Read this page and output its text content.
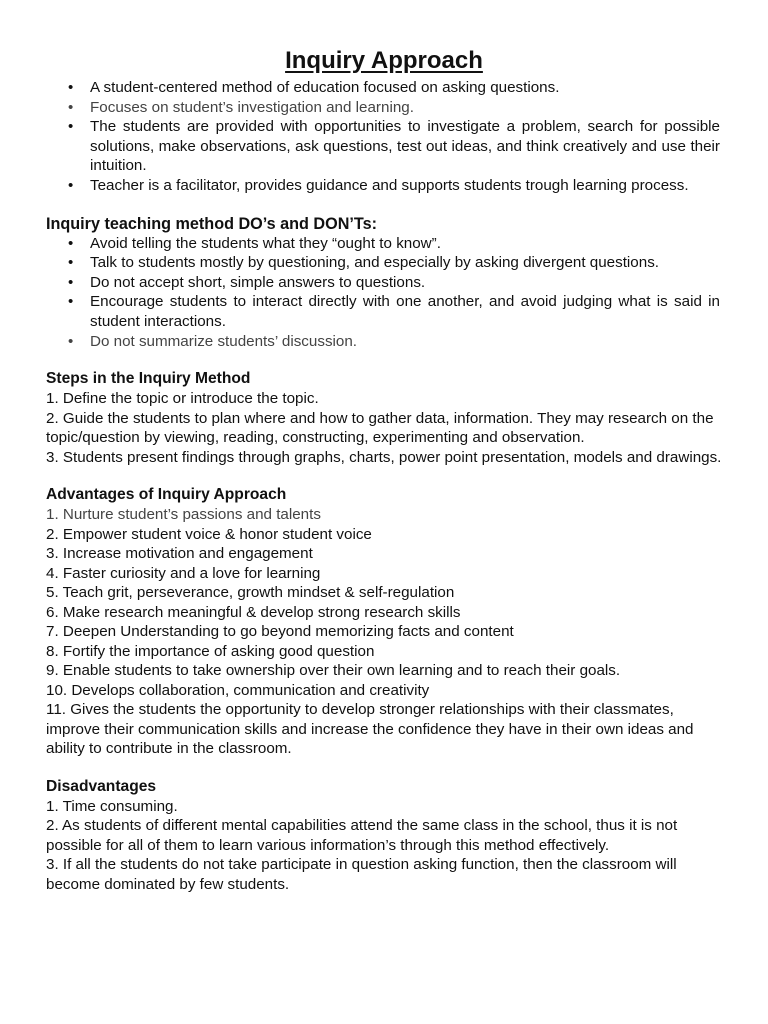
Inquiry Approach
• A student-centered method of education focused on asking questions.
• Focuses on student’s investigation and learning.
• The students are provided with opportunities to investigate a problem, search for possible solutions, make observations, ask questions, test out ideas, and think creatively and use their intuition.
• Teacher is a facilitator, provides guidance and supports students trough learning process.
Inquiry teaching method DO’s and DON’Ts:
• Avoid telling the students what they “ought to know”.
• Talk to students mostly by questioning, and especially by asking divergent questions.
• Do not accept short, simple answers to questions.
• Encourage students to interact directly with one another, and avoid judging what is said in student interactions.
• Do not summarize students’ discussion.
Steps in the Inquiry Method

1. Define the topic or introduce the topic.

2. Guide the students to plan where and how to gather data, information. They may research on the topic/question by viewing, reading, constructing, experimenting and observation.

3. Students present findings through graphs, charts, power point presentation, models and drawings.

Advantages of Inquiry Approach

1. Nurture student’s passions and talents

2. Empower student voice & honor student voice

3. Increase motivation and engagement

4. Faster curiosity and a love for learning

5. Teach grit, perseverance, growth mindset & self-regulation

6. Make research meaningful & develop strong research skills

7. Deepen Understanding to go beyond memorizing facts and content

8. Fortify the importance of asking good question

9. Enable students to take ownership over their own learning and to reach their goals.

10. Develops collaboration, communication and creativity

11. Gives the students the opportunity to develop stronger relationships with their classmates, improve their communication skills and increase the confidence they have in their own ideas and ability to contribute in the classroom.

Disadvantages

1. Time consuming.

2. As students of different mental capabilities attend the same class in the school, thus it is not possible for all of them to learn various information’s through this method effectively.

3. If all the students do not take participate in question asking function, then the classroom will become dominated by few students.
